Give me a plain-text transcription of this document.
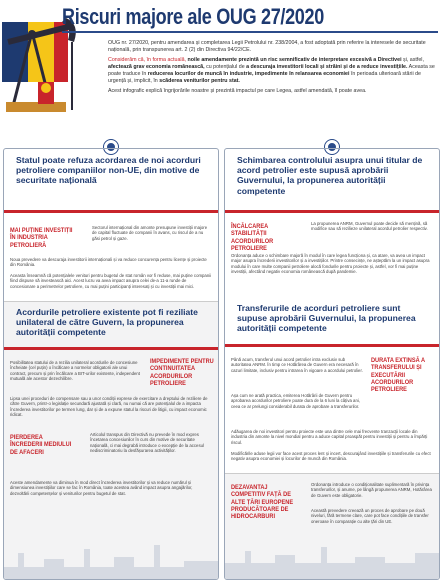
Riscuri majore ale OUG 27/2020

OUG nr. 27/2020, pentru amendarea și completarea Legii Petrolului nr. 238/2004, a fost adoptată prin referire la interesele de securitate națională, prin transpunerea art. 2 (2) din Directiva 94/22/CE.

Considerăm că, în forma actuală, noile amendamente prezintă un risc semnificativ de interpretare excesivă a Directivei și, astfel, afectează grav economia românească, cu potențialul de a descuraja investitorii locali și străini și de a reduce investițiile. Aceasta se poate traduce în reducerea locurilor de muncă în industrie, impedimente în relansarea economiei în perioada ulterioară stării de urgență și, implicit, în scăderea veniturilor pentru stat.

Acest infografic explică îngrijorările noastre și prezintă impactul pe care Legea, astfel amendată, îl poate avea.

Statul poate refuza acordarea de noi acorduri petroliere companiilor non-UE, din motive de securitate națională
MAI PUȚINE INVESTIȚII ÎN INDUSTRIA PETROLIERĂ
Sectorul internațional din amonte presupune investiții majore de capital fluctuate de companii în avans, cu riscul de a nu găsi petrol și gaze.
Noua prevedere va descuraja investitorii internaționali și va reduce concurența pentru licențe și proiecte din România.
Aceasta înseamnă că potențialele venituri pentru bugetul de stat român vor fi reduse, mai puține companii fiind dispuse să investească aici. Acest lucru va avea impact asupra celei de-a 11-a runde de concesionare a perimetrelor petroliere, cu mai puțini participanți interesați și cu investiții mai mici.
Acordurile petroliere existente pot fi reziliate unilateral de către Guvern, la propunerea autorității competente
Posibilitatea statului de a rezilia unilateral acordurile de concesiune încheiate (cel puțin) o încălcare a normelor obligatorii ale unui contract, precum și prin încălcare a BIT-urilor existente, independent mutuală ale acestor dezechilibre.
IMPEDIMENTE PENTRU CONTINUITATEA ACORDURILOR PETROLIERE
Lipsa unei proceduri de compensare sau a unor condiții exprese de exercitare a dreptului de reziliere de către Guvern, printr-o legislație secundară ajustată și clară, nu numai că are potențialul de a impacta încrederea investitorilor pe termen lung, dar și de a expune statul la riscuri de litigii, cu impact economic ridicat.
PIERDEREA ÎNCREDERII MEDIULUI DE AFACERI
Articolul transpus din Directivă nu prevede în mod expres încetarea concesiunilor în curs din motive de securitate națională, ci mai degrabă introduce o excepție de la accesul nediscriminatoriu la desfășurarea activităților.
Aceste amendamente va diminua în mod direct încrederea investitorilor și va reduce numărul și dimensiunea investițiilor care se fac în România, toate acestea având impact asupra angajărilor, dezvoltării competențelor și veniturilor pentru bugetul de stat.
Schimbarea controlului asupra unui titular de acord petrolier este supusă aprobării Guvernului, la propunerea autorității competente
ÎNCĂLCAREA STABILITĂȚII ACORDURILOR PETROLIERE
La propunerea ANRM, Guvernul poate decide să mențină, să modifice sau să rezilieze unilateral acordul petrolier respectiv.
Ordonanța aduce o schimbare majoră în modul în care legea funcționa și, ca atare, va avea un impact major asupra încrederii investitorilor și a investițiilor. Printre consecințe, ne așteptăm la un impact asupra modului în care multe companii petroliere alocă fondurile pentru proiecte și, astfel, vor fi mai puține investiții, afectând negativ economia românească după pandemie.
Transferurile de acorduri petroliere sunt supuse aprobării Guvernului, la propunerea autorității competente
Până acum, transferul unui acord petrolier intra exclusiv sub autoritatea ANRM. În timp ce Hotărârea de Guvern era necesară în cazuri limitate, inclusiv pentru intrarea în vigoare a acordului petrolier.
DURATA EXTINSĂ A TRANSFERULUI ȘI EXECUTĂRII ACORDURILOR PETROLIERE
Așa cum ne arată practica, emiterea Hotărârii de Guvern pentru aprobarea acordurilor petroliere poate dura de la 6 luni la câțiva ani, ceea ce ar prelungi considerabil durata de aprobare a transferurilor.
Adăugarea de noi investitori pentru proiecte este una dintre cele mai frecvente tranzacții locale din industria din amonte la nivel mondial pentru a aduce capital proaspăt pentru investiții și pentru a împărți riscul.
Modificările aduse legii vor face acest proces lent și incert, descurajând investițiile și transferurile cu efect negativ asupra economiei și locurilor de muncă din România.
DEZAVANTAJ COMPETITIV FAȚĂ DE ALTE ȚĂRI EUROPENE PRODUCĂTOARE DE HIDROCARBURI
Ordonanța introduce o condiționalitate suplimentară în privința transferurilor, și anume, pe lângă propunerea ANRM, Hotărârea de Guvern este obligatorie.
Această prevedere creează un proces de aprobare pe două niveluri, fără termene clare, care pot face condițiile de transfer oneroase în comparație cu alte țări din UE.
